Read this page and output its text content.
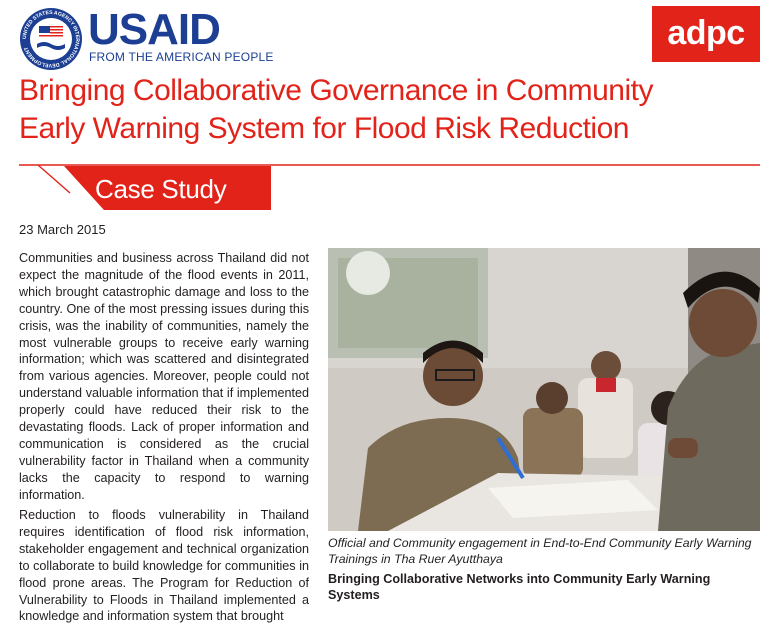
UNITED STATES AGENCY INTERNATIONAL DEVELOPMENT	USAID
FROM THE AMERICAN PEOPLE
adpc
Bringing Collaborative Governance in Community
Early Warning System for Flood Risk Reduction
Case Study
23 March 2015

Communities and business across Thailand did not expect the magnitude of the flood events in 2011, which brought catastrophic damage and loss to the country. One of the most pressing issues during this crisis, was the inability of communities, namely the most vulnerable groups to receive early warning information; which was scattered and disintegrated from various agencies. Moreover, people could not understand valuable information that if implemented properly could have reduced their risk to the devastating floods. Lack of proper information and communication is considered as the crucial vulnerability factor in Thailand when a community lacks the capacity to respond to warning information.

Reduction to floods vulnerability in Thailand requires identification of flood risk information, stakeholder engagement and technical organization to collaborate to build knowledge for communities in flood prone areas. The Program for Reduction of Vulnerability to Floods in Thailand implemented a knowledge and information system that brought

Official and Community engagement in End-to-End Community Early Warning Trainings in Tha Ruer Ayutthaya
Bringing Collaborative Networks into Community Early Warning Systems
